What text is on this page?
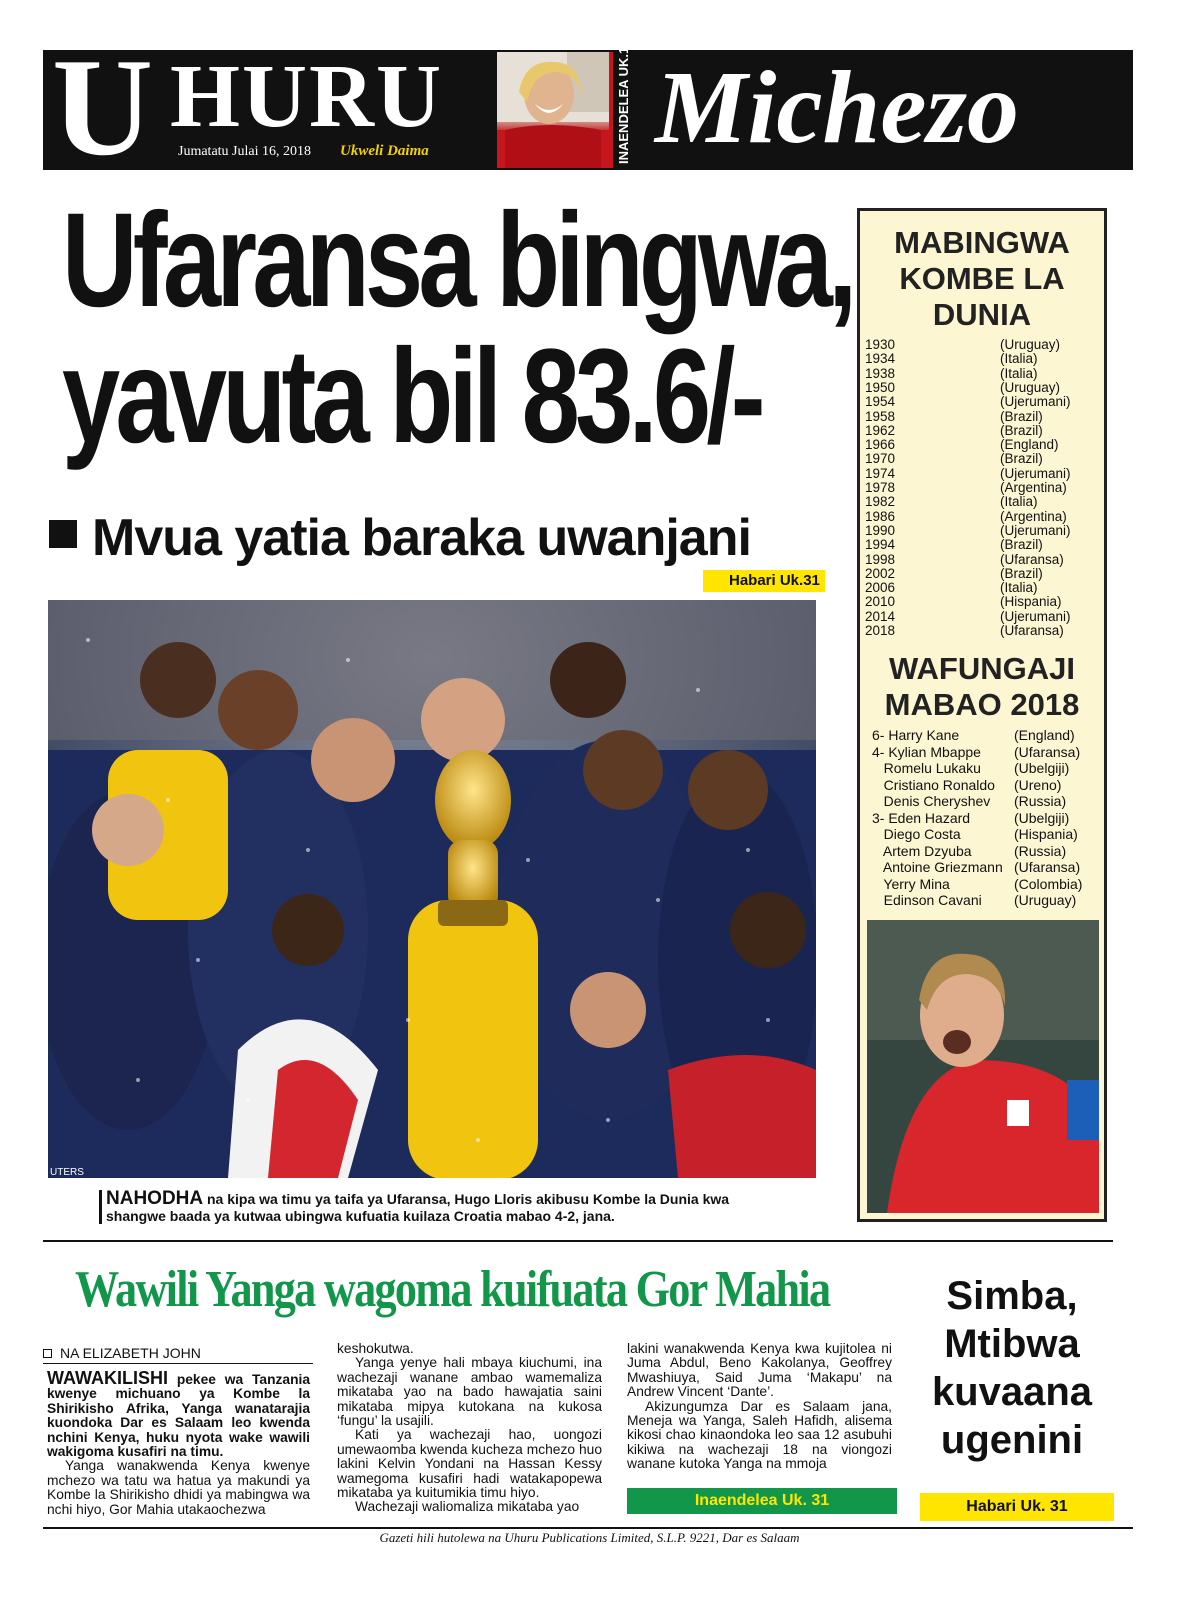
U HURU
Jumatatu Julai 16, 2018 Ukweli Daima	INAENDELEA UK.19 Michezo
Ufaransa bingwa,
yavuta bil 83.6/-
Mvua yatia baraka uwanjani
Habari Uk.31
UTERS
NAHODHA na kipa wa timu ya taifa ya Ufaransa, Hugo Lloris akibusu Kombe la Dunia kwa shangwe baada ya kutwaa ubingwa kufuatia kuilaza Croatia mabao 4-2, jana.
MABINGWA KOMBE LA DUNIA
1930	(Uruguay)
1934	(Italia)
1938	(Italia)
1950	(Uruguay)
1954	(Ujerumani)
1958	(Brazil)
1962	(Brazil)
1966	(England)
1970	(Brazil)
1974	(Ujerumani)
1978	(Argentina)
1982	(Italia)
1986	(Argentina)
1990	(Ujerumani)
1994	(Brazil)
1998	(Ufaransa)
2002	(Brazil)
2006	(Italia)
2010	(Hispania)
2014	(Ujerumani)
2018	(Ufaransa)
WAFUNGAJI MABAO 2018
6- Harry Kane	(England)
4- Kylian Mbappe (Ufaransa)
Romelu Lukaku (Ubelgiji)
Cristiano Ronaldo (Ureno)
Denis Cheryshev (Russia)
3- Eden Hazard	(Ubelgiji)
Diego Costa	(Hispania)
Artem Dzyuba	(Russia)
Antoine Griezmann (Ufaransa)
Yerry Mina	(Colombia)
Edinson Cavani (Uruguay)
Wawili Yanga wagoma kuifuata Gor Mahia
NA ELIZABETH JOHN

WAWAKILISHI pekee wa Tanzania kwenye michuano ya Kombe la Shirikisho Afrika, Yanga wanatarajia kuondoka Dar es Salaam leo kwenda nchini Kenya, huku nyota wake wawili wakigoma kusafiri na timu.

Yanga wanakwenda Kenya kwenye mchezo wa tatu wa hatua ya makundi ya Kombe la Shirikisho dhidi ya mabingwa wa nchi hiyo, Gor Mahia utakaochezwa

keshokutwa.

Yanga yenye hali mbaya kiuchumi, ina wachezaji wanane ambao wamemaliza mikataba yao na bado hawajatia saini mikataba mipya kutokana na kukosa ‘fungu’ la usajili.

Kati ya wachezaji hao, uongozi umewaomba kwenda kucheza mchezo huo lakini Kelvin Yondani na Hassan Kessy wamegoma kusafiri hadi watakapopewa mikataba ya kuitumikia timu hiyo.

Wachezaji waliomaliza mikataba yao

lakini wanakwenda Kenya kwa kujitolea ni Juma Abdul, Beno Kakolanya, Geoffrey Mwashiuya, Said Juma ‘Makapu’ na Andrew Vincent ‘Dante’.

Akizungumza Dar es Salaam jana, Meneja wa Yanga, Saleh Hafidh, alisema kikosi chao kinaondoka leo saa 12 asubuhi kikiwa na wachezaji 18 na viongozi wanane kutoka Yanga na mmoja

Inaendelea Uk. 31
Simba,
Mtibwa
kuvaana
ugenini
Habari Uk. 31
Gazeti hili hutolewa na Uhuru Publications Limited, S.L.P. 9221, Dar es Salaam
